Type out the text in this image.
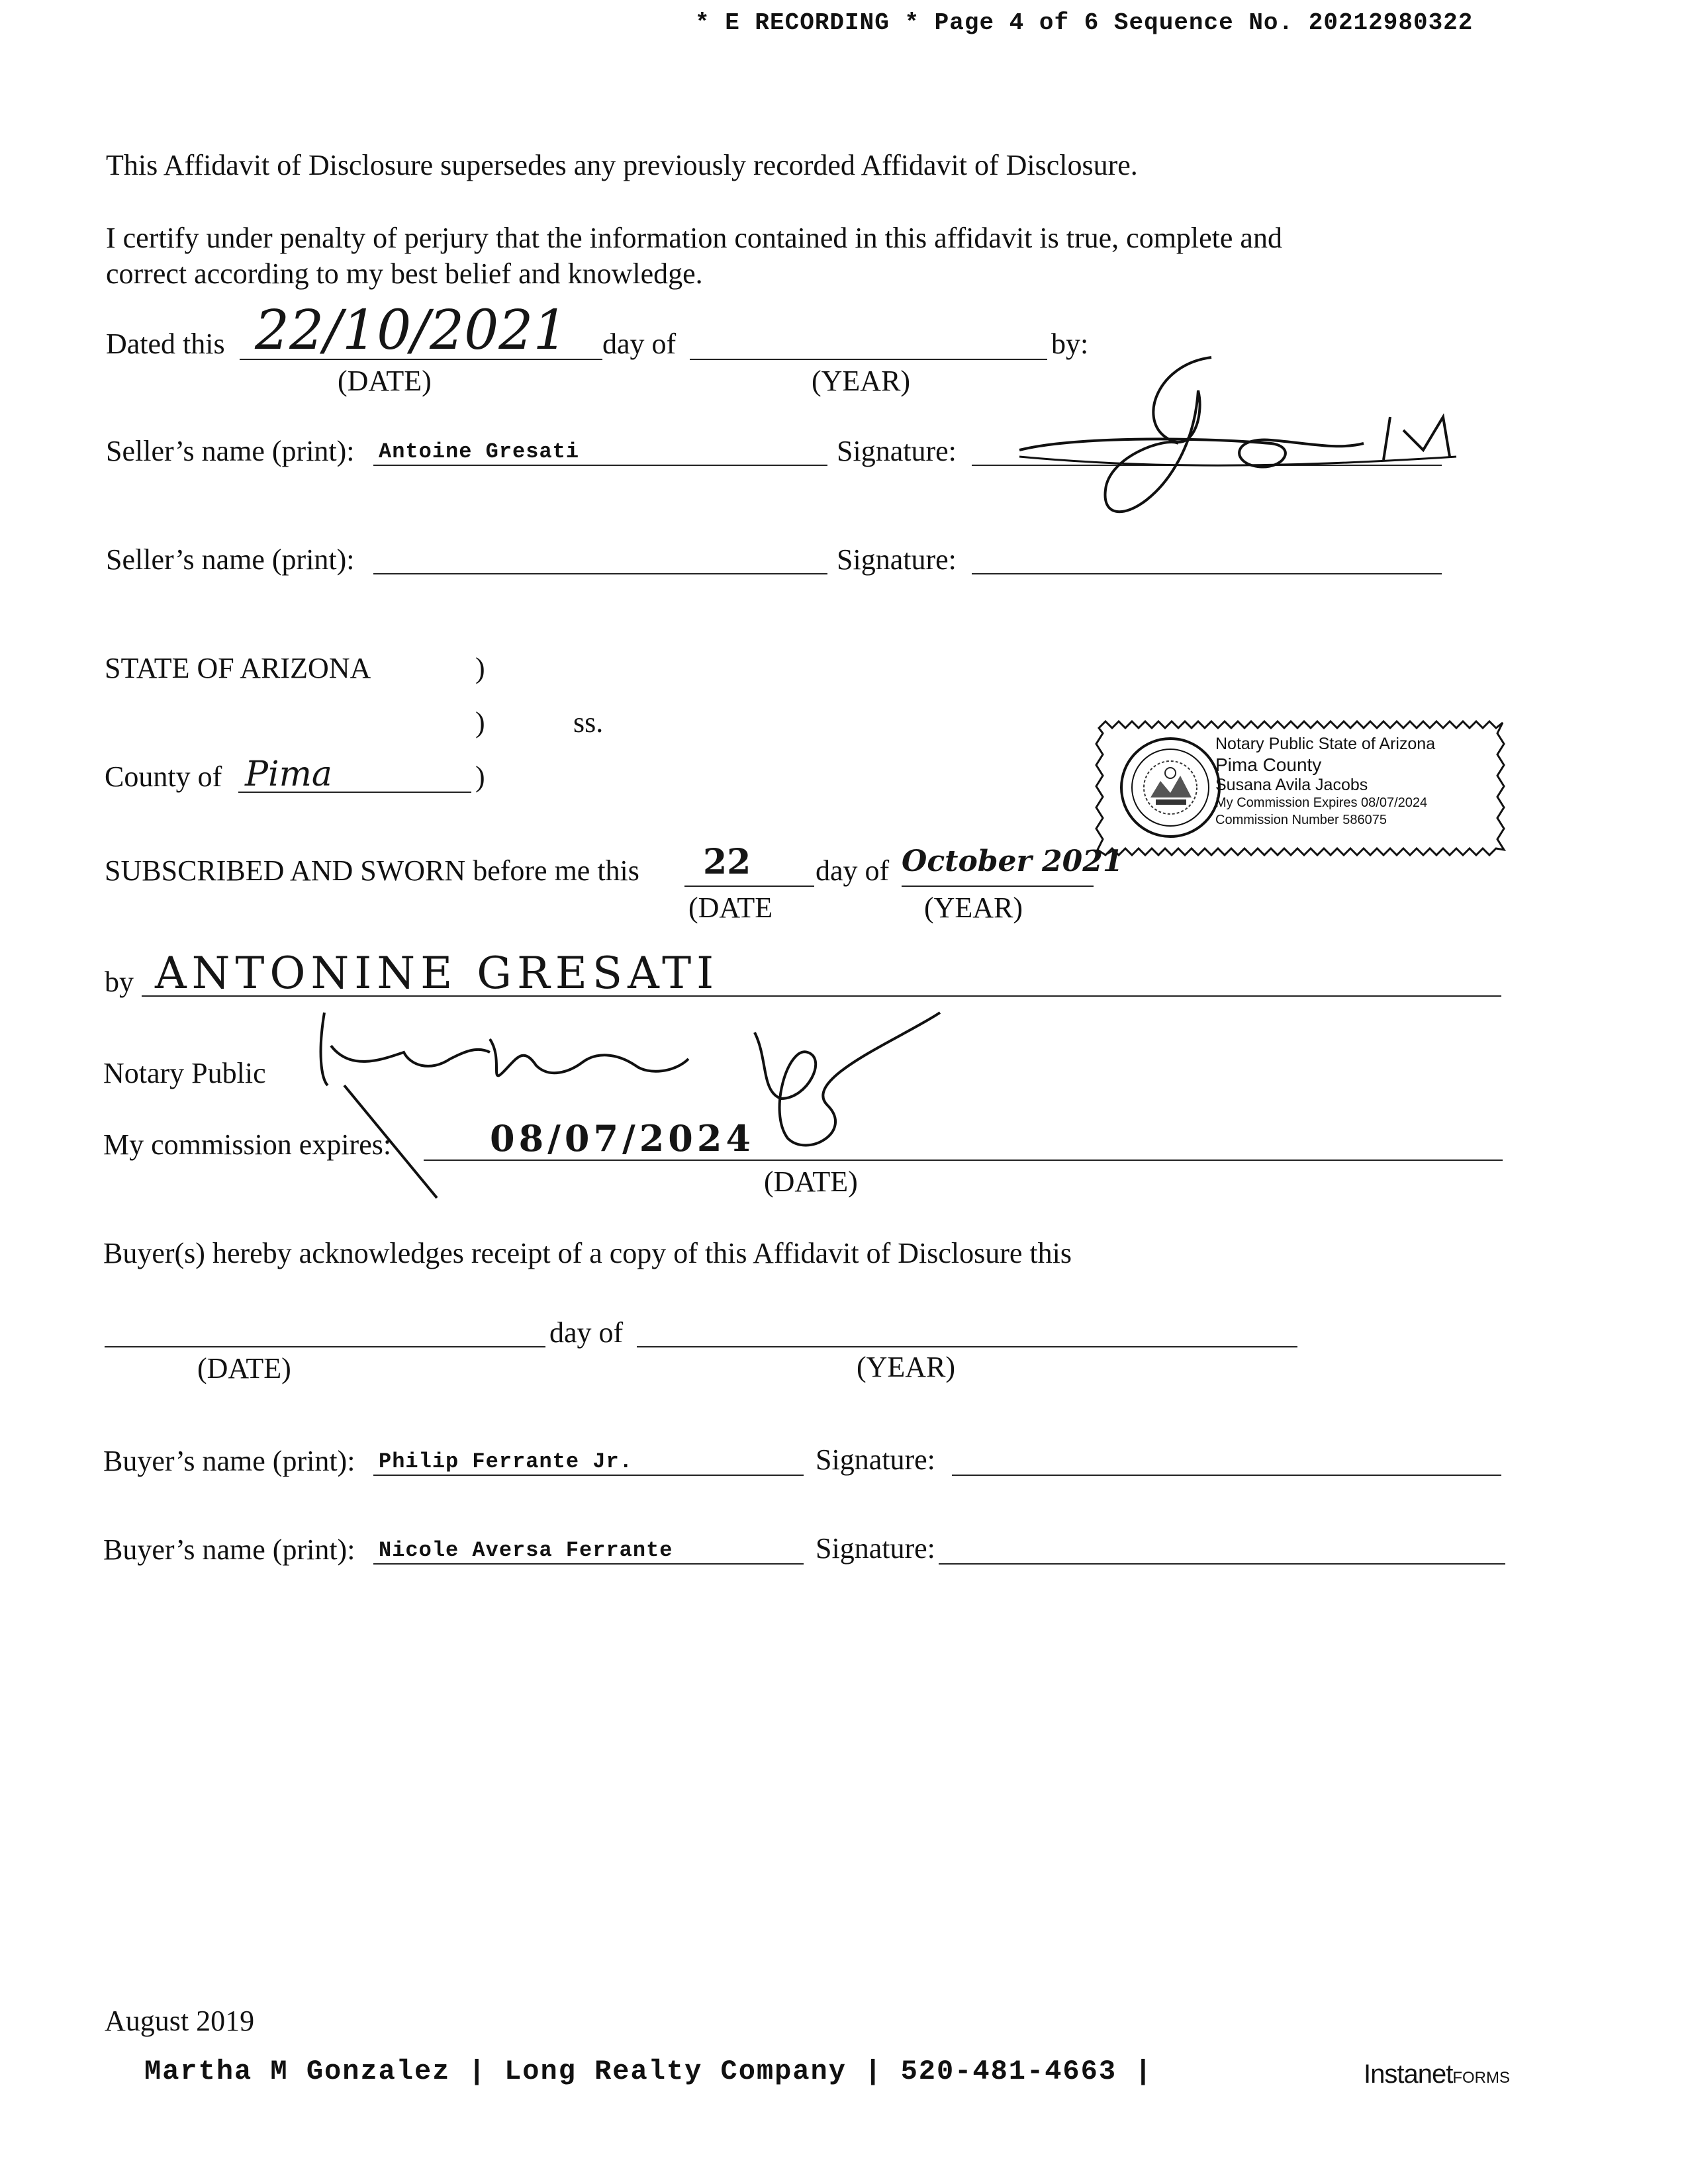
* E RECORDING * Page 4 of 6 Sequence No. 20212980322
This Affidavit of Disclosure supersedes any previously recorded Affidavit of Disclosure.
I certify under penalty of perjury that the information contained in this affidavit is true, complete and
correct according to my best belief and knowledge.
Dated this 22/10/2021 day of	by:
(DATE)	(YEAR)
Seller’s name (print): Antoine Gresati	Signature:
Seller’s name (print):	Signature:
STATE OF ARIZONA	)
)	ss.
County of Pima	)
Notary Public State of Arizona
Pima County
Susana Avila Jacobs
My Commission Expires 08/07/2024
Commission Number 586075
SUBSCRIBED AND SWORN before me this 22 day of October 2021
(DATE	(YEAR)
by ANTONINE GRESATI
Notary Public
My commission expires:	08/07/2024
(DATE)
Buyer(s) hereby acknowledges receipt of a copy of this Affidavit of Disclosure this
day of
(DATE)	(YEAR)
Buyer’s name (print): Philip Ferrante Jr.	Signature:
Buyer’s name (print): Nicole Aversa Ferrante	Signature:
August 2019
Martha M Gonzalez | Long Realty Company | 520-481-4663 |	InstanetFORMS
